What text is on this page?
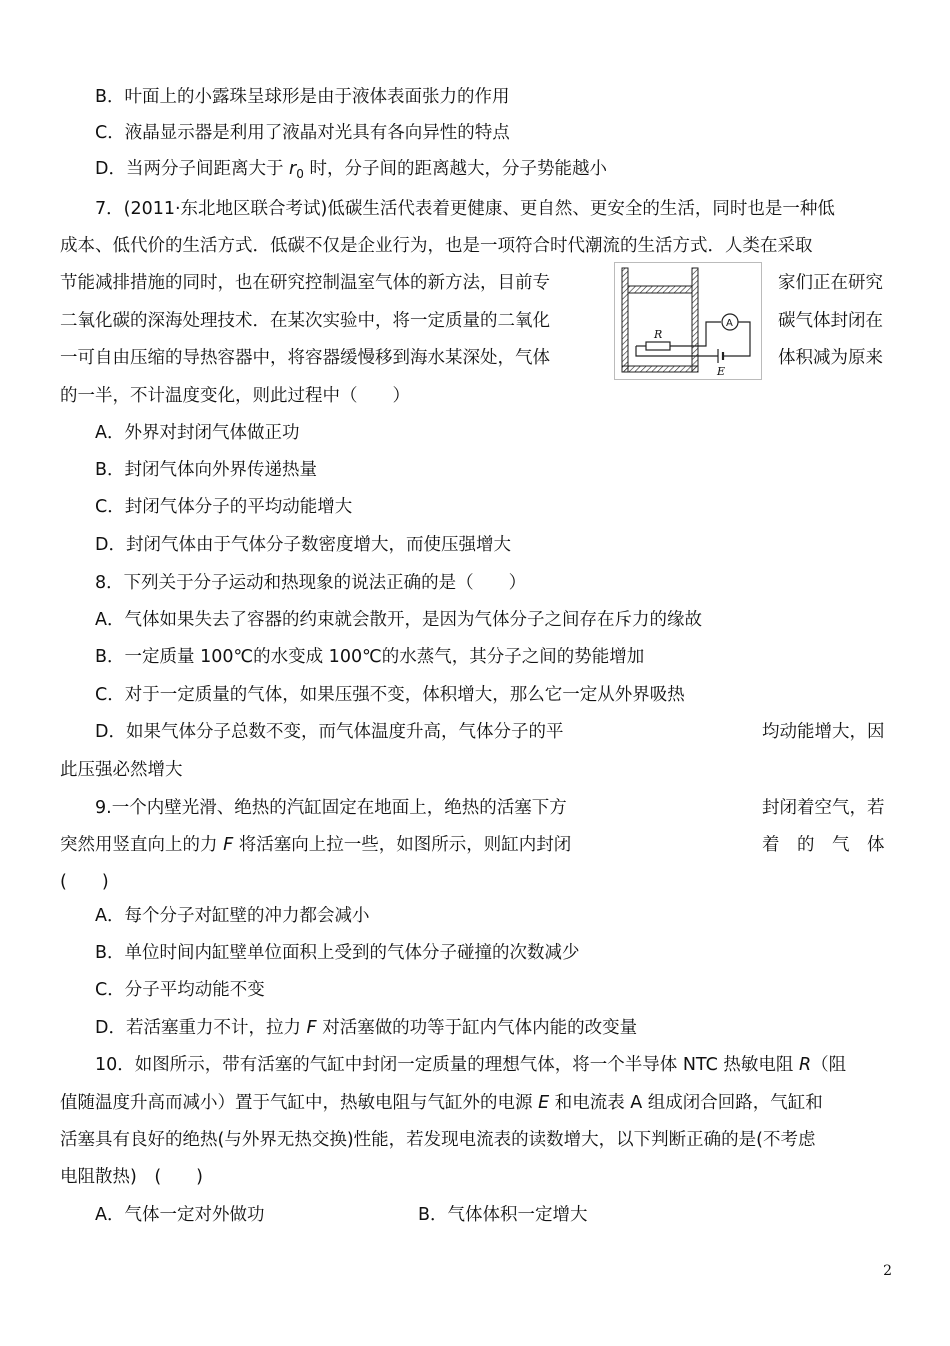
B．叶面上的小露珠呈球形是由于液体表面张力的作用
C．液晶显示器是利用了液晶对光具有各向异性的特点
D．当两分子间距离大于 $r_0$ 时，分子间的距离越大，分子势能越小
7．(2011·东北地区联合考试)低碳生活代表着更健康、更自然、更安全的生活，同时也是一种低
成本、低代价的生活方式．低碳不仅是企业行为，也是一项符合时代潮流的生活方式．人类在采取
节能减排措施的同时，也在研究控制温室气体的新方法，目前专	家们正在研究
二氧化碳的深海处理技术．在某次实验中，将一定质量的二氧化	碳气体封闭在
一可自由压缩的导热容器中，将容器缓慢移到海水某深处，气体	体积减为原来
的一半，不计温度变化，则此过程中（　　）
R
A
E
A．外界对封闭气体做正功
B．封闭气体向外界传递热量
C．封闭气体分子的平均动能增大
D．封闭气体由于气体分子数密度增大，而使压强增大
8．下列关于分子运动和热现象的说法正确的是（　　）
A．气体如果失去了容器的约束就会散开，是因为气体分子之间存在斥力的缘故
B．一定质量 100℃的水变成 100℃的水蒸气，其分子之间的势能增加
C．对于一定质量的气体，如果压强不变，体积增大，那么它一定从外界吸热
D．如果气体分子总数不变，而气体温度升高，气体分子的平	均动能增大，因
此压强必然增大
9.一个内壁光滑、绝热的汽缸固定在地面上，绝热的活塞下方	封闭着空气，若
突然用竖直向上的力 F 将活塞向上拉一些，如图所示，则缸内封闭	着　的　气　体
(　　)
A．每个分子对缸壁的冲力都会减小
B．单位时间内缸壁单位面积上受到的气体分子碰撞的次数减少
C．分子平均动能不变
D．若活塞重力不计，拉力 F 对活塞做的功等于缸内气体内能的改变量
10．如图所示，带有活塞的气缸中封闭一定质量的理想气体，将一个半导体 NTC 热敏电阻 R（阻
值随温度升高而减小）置于气缸中，热敏电阻与气缸外的电源 E 和电流表 A 组成闭合回路，气缸和
活塞具有良好的绝热(与外界无热交换)性能，若发现电流表的读数增大，以下判断正确的是(不考虑
电阻散热)　(　　)
A．气体一定对外做功	B．气体体积一定增大
2
